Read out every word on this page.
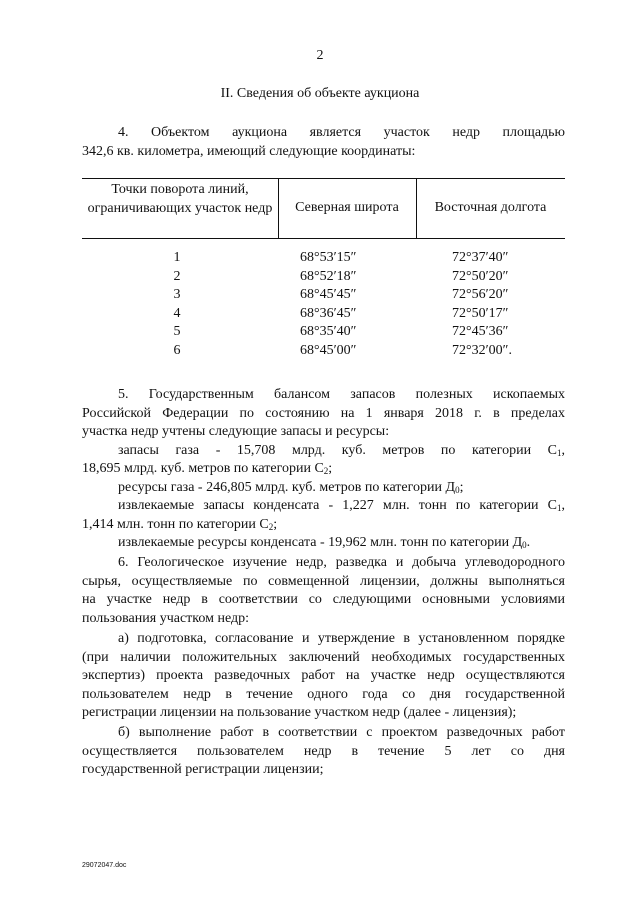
2
II. Сведения об объекте аукциона
4. Объектом аукциона является участок недр площадью
342,6 кв. километра, имеющий следующие координаты:
Точки поворота линий, ограничивающих участок недр	Северная широта	Восточная долгота
1	68°53′15″	72°37′40″
2	68°52′18″	72°50′20″
3	68°45′45″	72°56′20″
4	68°36′45″	72°50′17″
5	68°35′40″	72°45′36″
6	68°45′00″	72°32′00″.
5. Государственным балансом запасов полезных ископаемых
Российской Федерации по состоянию на 1 января 2018 г. в пределах
участка недр учтены следующие запасы и ресурсы:
запасы газа - 15,708 млрд. куб. метров по категории $C_1$,
18,695 млрд. куб. метров по категории $C_2$;
ресурсы газа - 246,805 млрд. куб. метров по категории $Д_0$;
извлекаемые запасы конденсата - 1,227 млн. тонн по категории $C_1$,
1,414 млн. тонн по категории $C_2$;
извлекаемые ресурсы конденсата - 19,962 млн. тонн по категории $Д_0$.
6. Геологическое изучение недр, разведка и добыча углеводородного
сырья, осуществляемые по совмещенной лицензии, должны выполняться
на участке недр в соответствии со следующими основными условиями
пользования участком недр:
а) подготовка, согласование и утверждение в установленном порядке
(при наличии положительных заключений необходимых государственных
экспертиз) проекта разведочных работ на участке недр осуществляются
пользователем недр в течение одного года со дня государственной
регистрации лицензии на пользование участком недр (далее - лицензия);
б) выполнение работ в соответствии с проектом разведочных работ
осуществляется пользователем недр в течение 5 лет со дня
государственной регистрации лицензии;
29072047.doc
